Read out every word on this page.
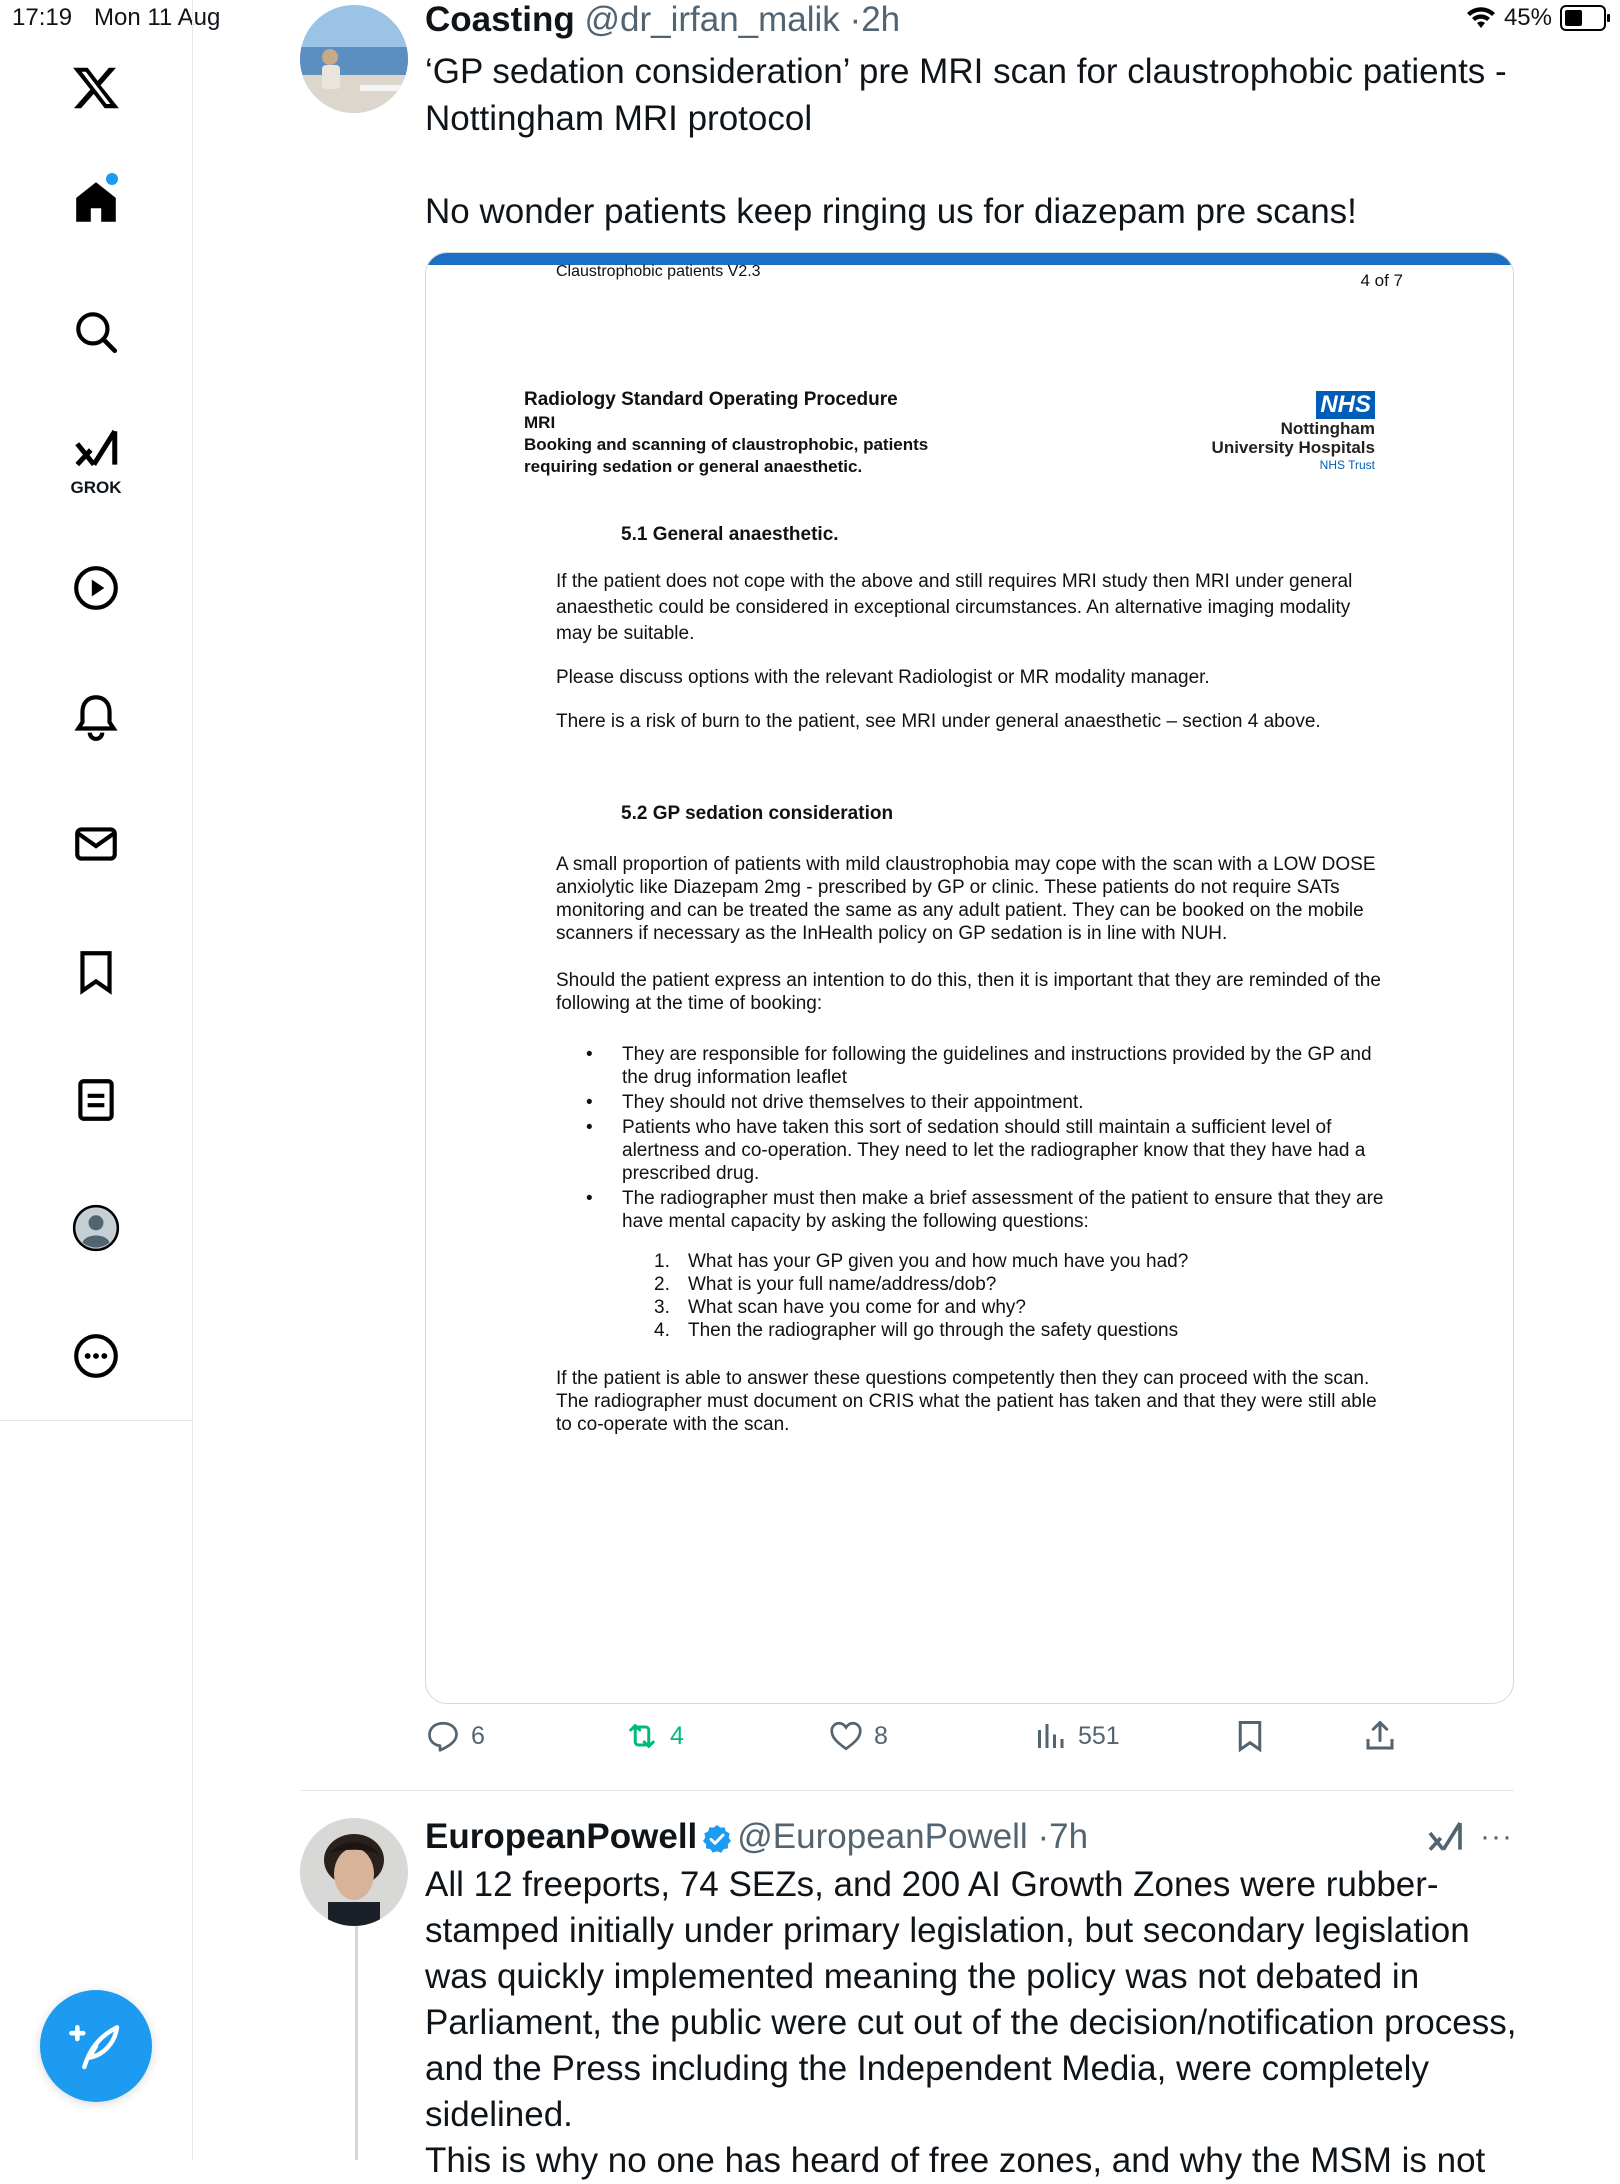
17:19 Mon 11 Aug	45%
GROK
Coasting @dr_irfan_malik ·2h
‘GP sedation consideration’ pre MRI scan for claustrophobic patients -
Nottingham MRI protocol
No wonder patients keep ringing us for diazepam pre scans!
Claustrophobic patients V2.3	4 of 7
Radiology Standard Operating Procedure
MRI
Booking and scanning of claustrophobic, patients
requiring sedation or general anaesthetic.
NHS
Nottingham
University Hospitals
NHS Trust
5.1 General anaesthetic.
If the patient does not cope with the above and still requires MRI study then MRI under general anaesthetic could be considered in exceptional circumstances. An alternative imaging modality may be suitable.
Please discuss options with the relevant Radiologist or MR modality manager.
There is a risk of burn to the patient, see MRI under general anaesthetic – section 4 above.
5.2 GP sedation consideration
A small proportion of patients with mild claustrophobia may cope with the scan with a LOW DOSE anxiolytic like Diazepam 2mg - prescribed by GP or clinic. These patients do not require SATs monitoring and can be treated the same as any adult patient. They can be booked on the mobile scanners if necessary as the InHealth policy on GP sedation is in line with NUH.
Should the patient express an intention to do this, then it is important that they are reminded of the following at the time of booking:
• They are responsible for following the guidelines and instructions provided by the GP and the drug information leaflet
• They should not drive themselves to their appointment.
• Patients who have taken this sort of sedation should still maintain a sufficient level of alertness and co-operation. They need to let the radiographer know that they have had a prescribed drug.
• The radiographer must then make a brief assessment of the patient to ensure that they are have mental capacity by asking the following questions:
1. What has your GP given you and how much have you had?
2. What is your full name/address/dob?
3. What scan have you come for and why?
4. Then the radiographer will go through the safety questions
If the patient is able to answer these questions competently then they can proceed with the scan. The radiographer must document on CRIS what the patient has taken and that they were still able to co-operate with the scan.
6	4	8	551
EuropeanPowell @EuropeanPowell ·7h	···
All 12 freeports, 74 SEZs, and 200 AI Growth Zones were rubber-stamped initially under primary legislation, but secondary legislation was quickly implemented meaning the policy was not debated in Parliament, the public were cut out of the decision/notification process, and the Press including the Independent Media, were completely sidelined.
This is why no one has heard of free zones, and why the MSM is not
